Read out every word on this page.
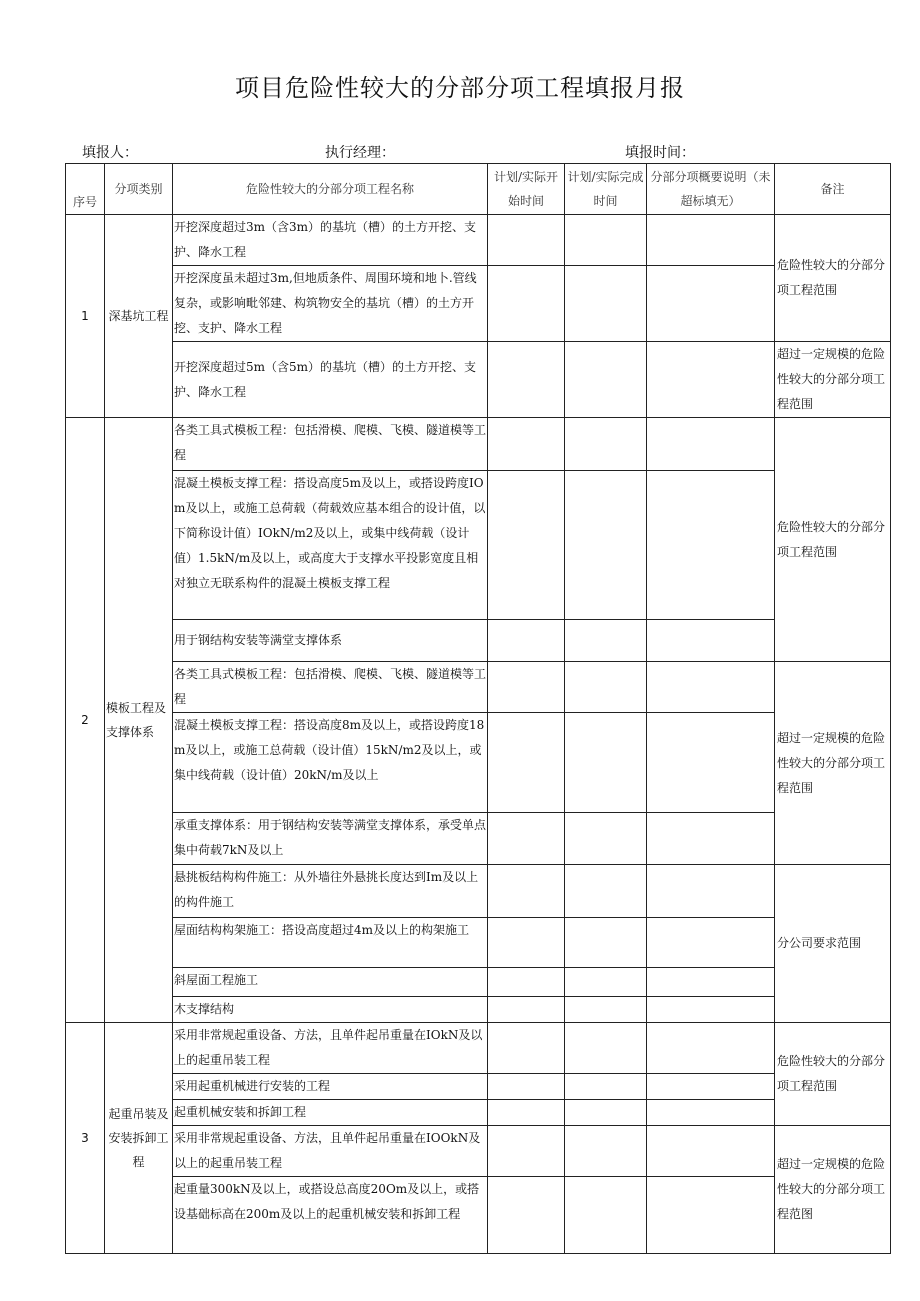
项目危险性较大的分部分项工程填报月报
填报人：	执行经理：	填报时间：
序号	分项类别	危险性较大的分部分项工程名称	计划/实际开始时间	计划/实际完成时间	分部分项概要说明（未超标填无）	备注
1	深基坑工程	开挖深度超过3m（含3m）的基坑（槽）的土方开挖、支护、降水工程				危险性较大的分部分项工程范围
		开挖深度虽未超过3m,但地质条件、周围环境和地卜.管线复杂，或影响毗邻建、构筑物安全的基坑（槽）的土方开挖、支护、降水工程				
		开挖深度超过5m（含5m）的基坑（槽）的土方开挖、支护、降水工程				超过一定规模的危险性较大的分部分项工程范围
2	模板工程及支撑体系	各类工具式模板工程：包括滑模、爬模、飞模、隧道模等工程				危险性较大的分部分项工程范围
		混凝土模板支撑工程：搭设高度5m及以上，或搭设跨度IOm及以上，或施工总荷载（荷载效应基本组合的设计值，以下简称设计值）IOkN/m2及以上，或集中线荷载（设计值）1.5kN∕m及以上，或高度大于支撑水平投影宽度且相对独立无联系构件的混凝土模板支撑工程				
		用于钢结构安装等满堂支撑体系				
		各类工具式模板工程：包括滑模、爬模、飞模、隧道模等工程				超过一定规模的危险性较大的分部分项工程范围
		混凝土模板支撑工程：搭设高度8m及以上，或搭设跨度18m及以上，或施工总荷载（设计值）15kN∕m2及以上，或集中线荷载（设计值）20kN∕m及以上				
		承重支撑体系：用于钢结构安装等满堂支撑体系，承受单点集中荷载7kN及以上				
		悬挑板结构构件施工：从外墙往外悬挑长度达到Im及以上的构件施工				分公司要求范围
		屋面结构构架施工：搭设高度超过4m及以上的构架施工				
		斜屋面工程施工				
		木支撑结构				
3	起重吊装及安装拆卸工程	采用非常规起重设备、方法，且单件起吊重量在IOkN及以上的起重吊装工程				危险性较大的分部分项工程范围
		采用起重机械进行安装的工程				
		起重机械安装和拆卸工程				
		采用非常规起重设备、方法，且单件起吊重量在IOOkN及以上的起重吊装工程				超过一定规模的危险性较大的分部分项工程范图
		起重量300kN及以上，或搭设总高度20Om及以上，或搭设基础标高在200m及以上的起重机械安装和拆卸工程				
